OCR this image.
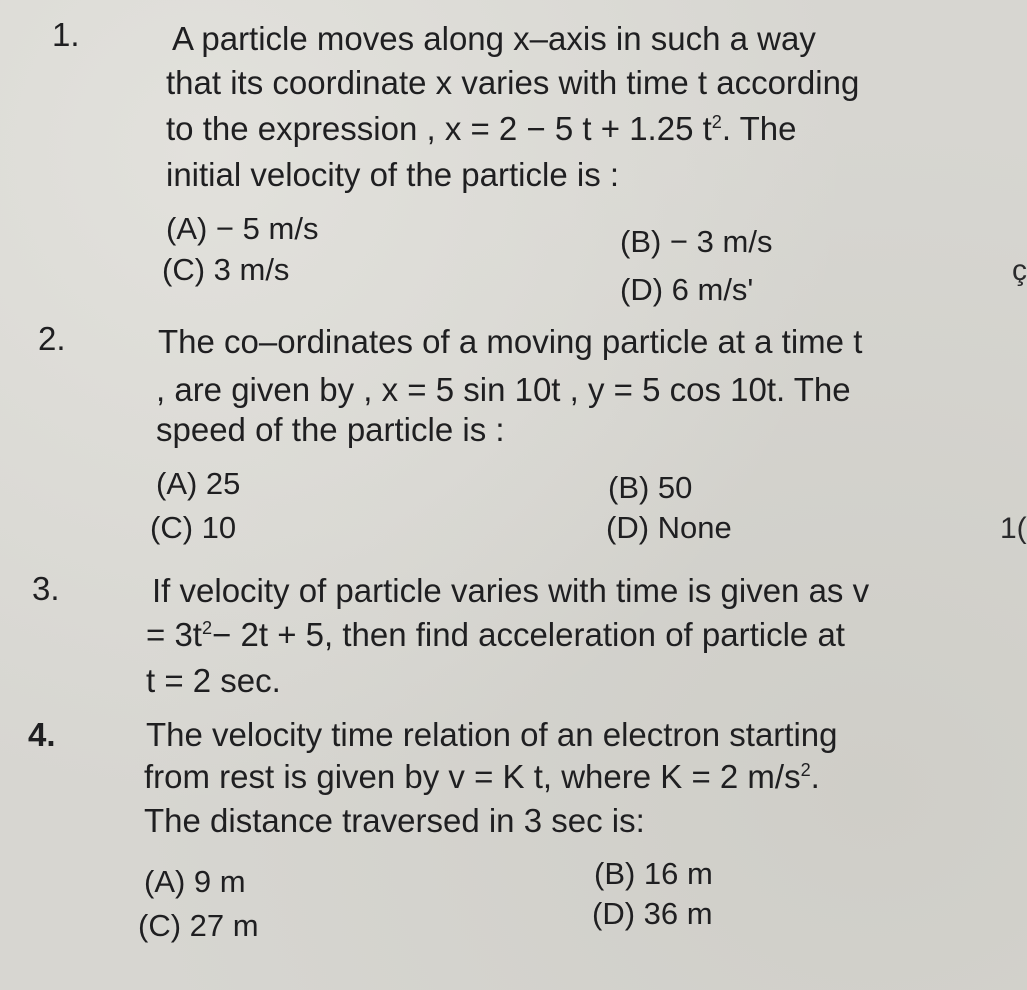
1.	A particle moves along x–axis in such a way
that its coordinate x varies with time t according
to the expression , x = 2 − 5 t + 1.25 $t^2$. The
initial velocity of the particle is :
(A) − 5 m/s	(B) − 3 m/s
(C) 3 m/s
(D) 6 m/s'
2.	The co–ordinates of a moving particle at a time t
, are given by , x = 5 sin 10t , y = 5 cos 10t. The
speed of the particle is :
(A) 25	(B) 50
(C) 10	(D) None
3.	If velocity of particle varies with time is given as v
= $3t^2- 2t + 5$, then find acceleration of particle at
t = 2 sec.
4.	The velocity time relation of an electron starting
from rest is given by v = K t, where K = 2 $m/s^2$.
The distance traversed in 3 sec is:
(A) 9 m	(B) 16 m
(C) 27 m	(D) 36 m
ç
1(
